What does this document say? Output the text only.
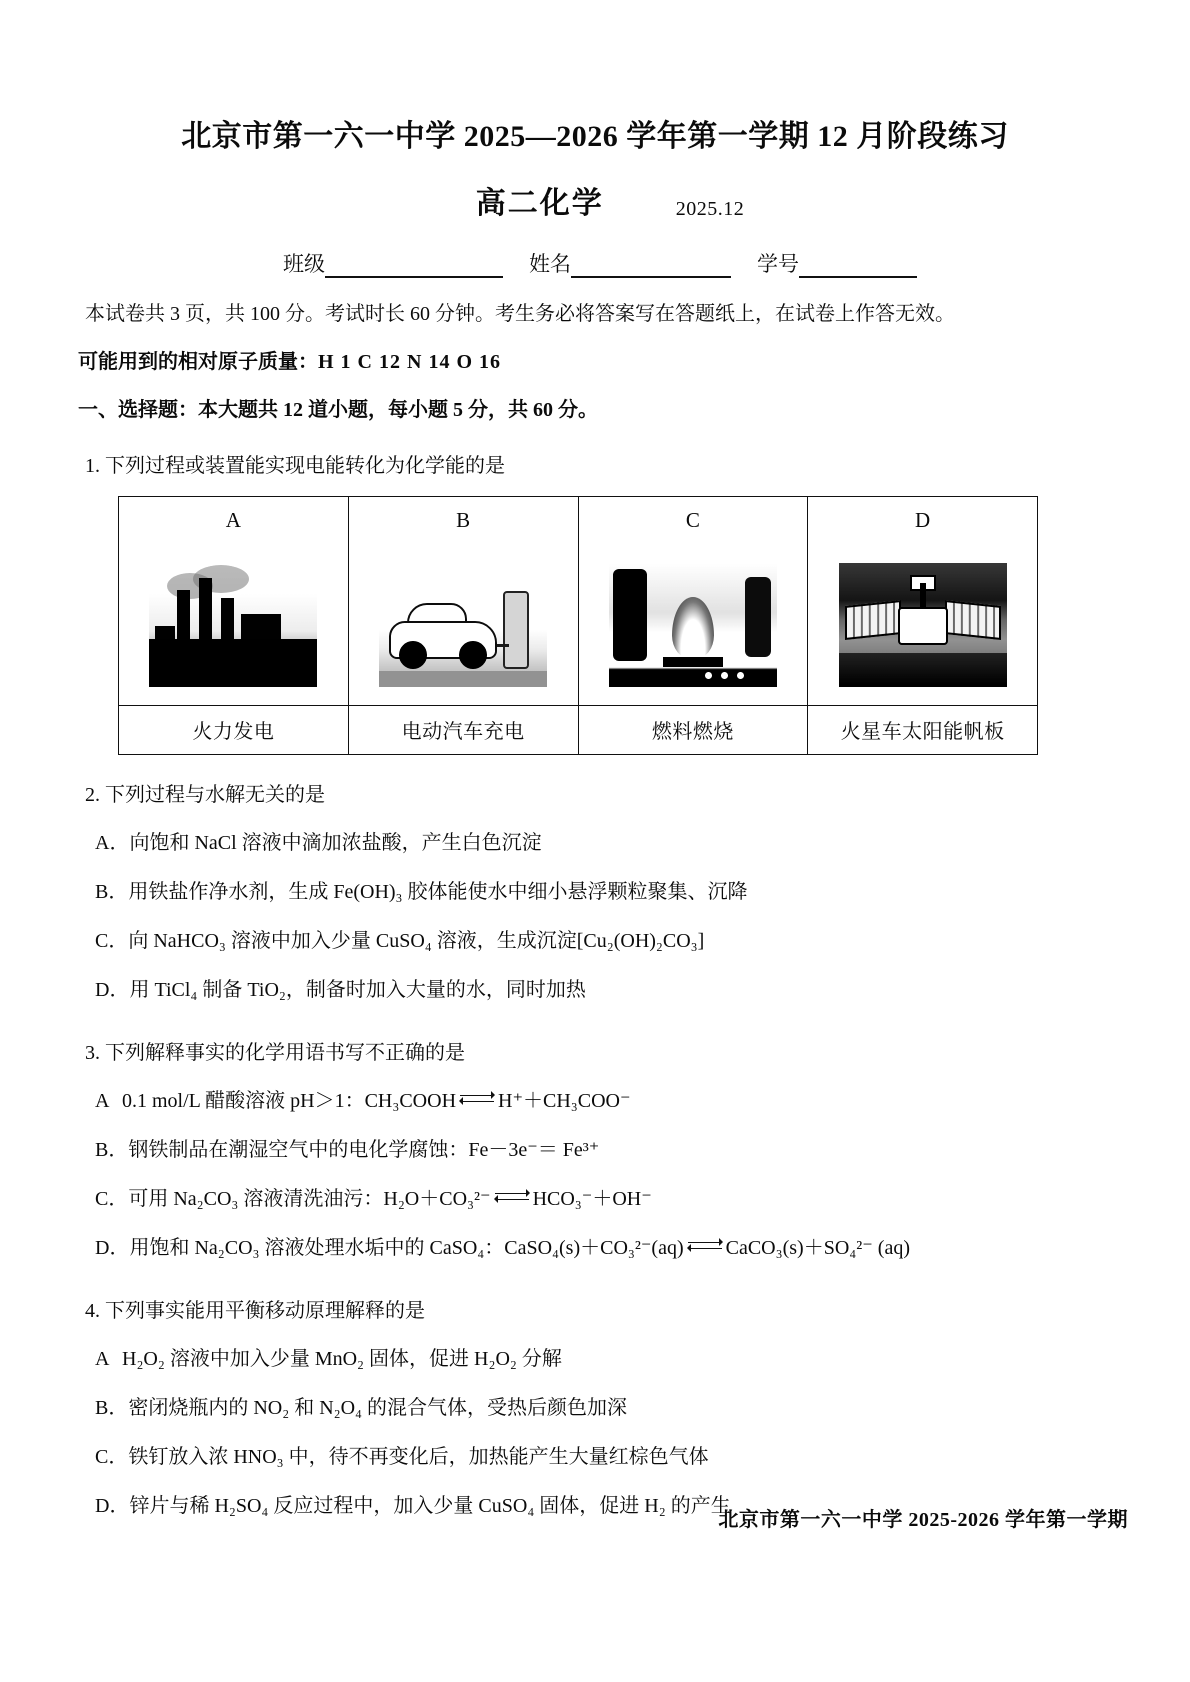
北京市第一六一中学 2025—2026 学年第一学期 12 月阶段练习
高二化学	2025.12
班级	姓名	学号

本试卷共 3 页，共 100 分。考试时长 60 分钟。考生务必将答案写在答题纸上，在试卷上作答无效。

可能用到的相对原子质量：H 1 C 12 N 14 O 16

一、选择题：本大题共 12 道小题，每小题 5 分，共 60 分。

1. 下列过程或装置能实现电能转化为化学能的是

A	B	C	D

火力发电	电动汽车充电	燃料燃烧	火星车太阳能帆板

2. 下列过程与水解无关的是

A．向饱和 NaCl 溶液中滴加浓盐酸，产生白色沉淀

B．用铁盐作净水剂，生成 Fe(OH)₃ 胶体能使水中细小悬浮颗粒聚集、沉降

C．向 NaHCO₃ 溶液中加入少量 CuSO₄ 溶液，生成沉淀[Cu₂(OH)₂CO₃]

D．用 TiCl₄ 制备 TiO₂，制备时加入大量的水，同时加热

3. 下列解释事实的化学用语书写不正确的是

A 0.1 mol/L 醋酸溶液 pH＞1：CH₃COOH H⁺＋CH₃COO⁻

B．钢铁制品在潮湿空气中的电化学腐蚀：Fe－3e⁻＝ Fe³⁺

C．可用 Na₂CO₃ 溶液清洗油污：H₂O＋CO₃²⁻ HCO₃⁻＋OH⁻

D．用饱和 Na₂CO₃ 溶液处理水垢中的 CaSO₄：CaSO₄(s)＋CO₃²⁻(aq) CaCO₃(s)＋SO₄²⁻ (aq)

4. 下列事实能用平衡移动原理解释的是

A H₂O₂ 溶液中加入少量 MnO₂ 固体，促进 H₂O₂ 分解

B．密闭烧瓶内的 NO₂ 和 N₂O₄ 的混合气体，受热后颜色加深

C．铁钉放入浓 HNO₃ 中，待不再变化后，加热能产生大量红棕色气体

D．锌片与稀 H₂SO₄ 反应过程中，加入少量 CuSO₄ 固体，促进 H₂ 的产生

北京市第一六一中学 2025-2026 学年第一学期
